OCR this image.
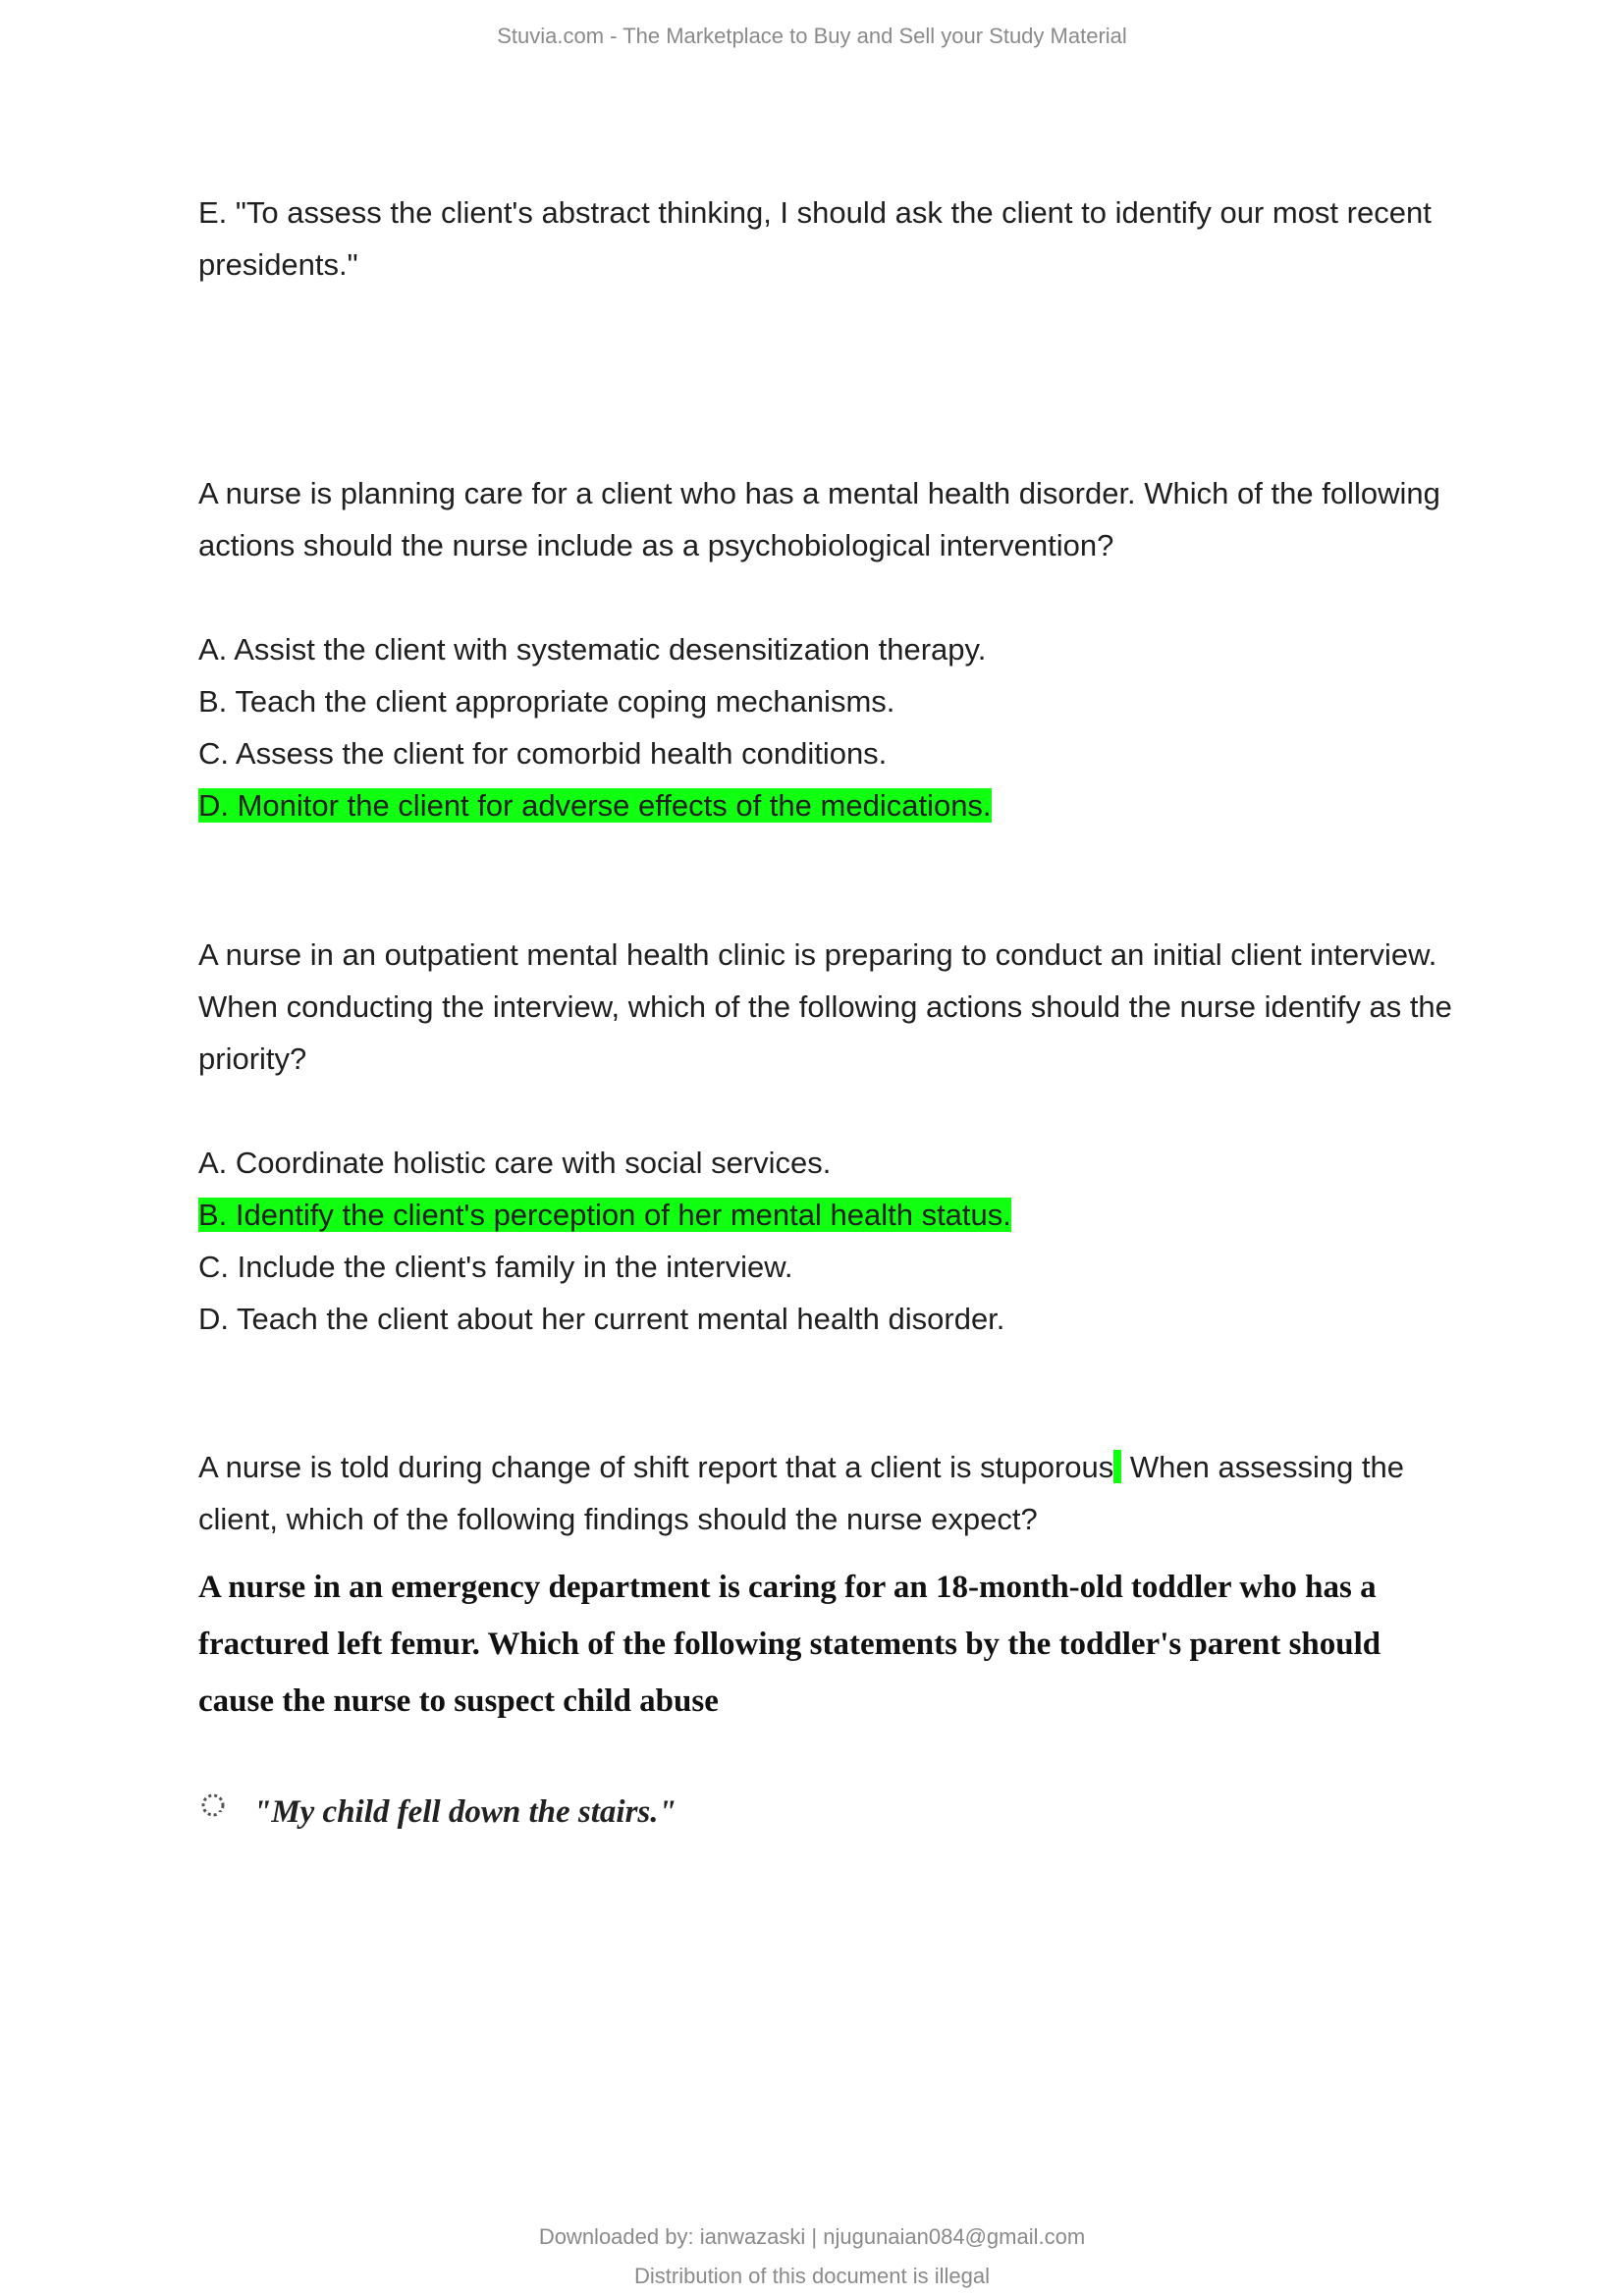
Stuvia.com - The Marketplace to Buy and Sell your Study Material

E. "To assess the client's abstract thinking, I should ask the client to identify our most recent

presidents."

A nurse is planning care for a client who has a mental health disorder. Which of the following

actions should the nurse include as a psychobiological intervention?

A. Assist the client with systematic desensitization therapy.

B. Teach the client appropriate coping mechanisms.

C. Assess the client for comorbid health conditions.

D. Monitor the client for adverse effects of the medications.

A nurse in an outpatient mental health clinic is preparing to conduct an initial client interview.

When conducting the interview, which of the following actions should the nurse identify as the

priority?

A. Coordinate holistic care with social services.

B. Identify the client's perception of her mental health status.

C. Include the client's family in the interview.

D. Teach the client about her current mental health disorder.

A nurse is told during change of shift report that a client is stuporous When assessing the

client, which of the following findings should the nurse expect?

A nurse in an emergency department is caring for an 18-month-old toddler who has a
fractured left femur. Which of the following statements by the toddler's parent should
cause the nurse to suspect child abuse
"My child fell down the stairs."
Downloaded by: ianwazaski | njugunaian084@gmail.com
Distribution of this document is illegal
